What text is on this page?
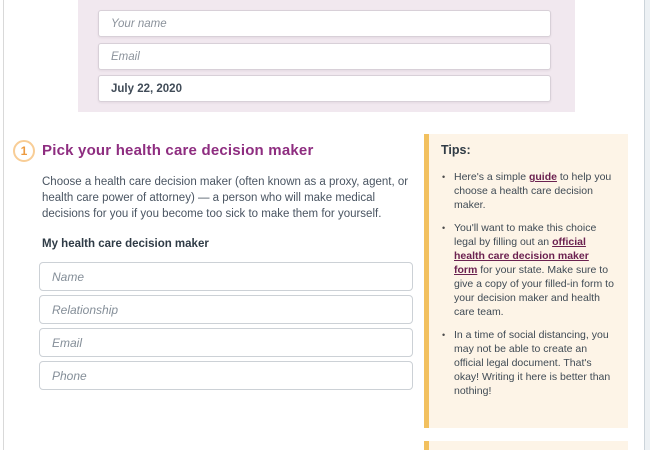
Your name
Email
July 22, 2020
1 Pick your health care decision maker

Choose a health care decision maker (often known as a proxy, agent, or health care power of attorney) — a person who will make medical decisions for you if you become too sick to make them for yourself.

My health care decision maker
Name
Relationship
Email
Phone
Tips:
• Here's a simple guide to help you choose a health care decision maker.
• You'll want to make this choice legal by filling out an official health care decision maker form for your state. Make sure to give a copy of your filled-in form to your decision maker and health care team.
• In a time of social distancing, you may not be able to create an official legal document. That's okay! Writing it here is better than nothing!
